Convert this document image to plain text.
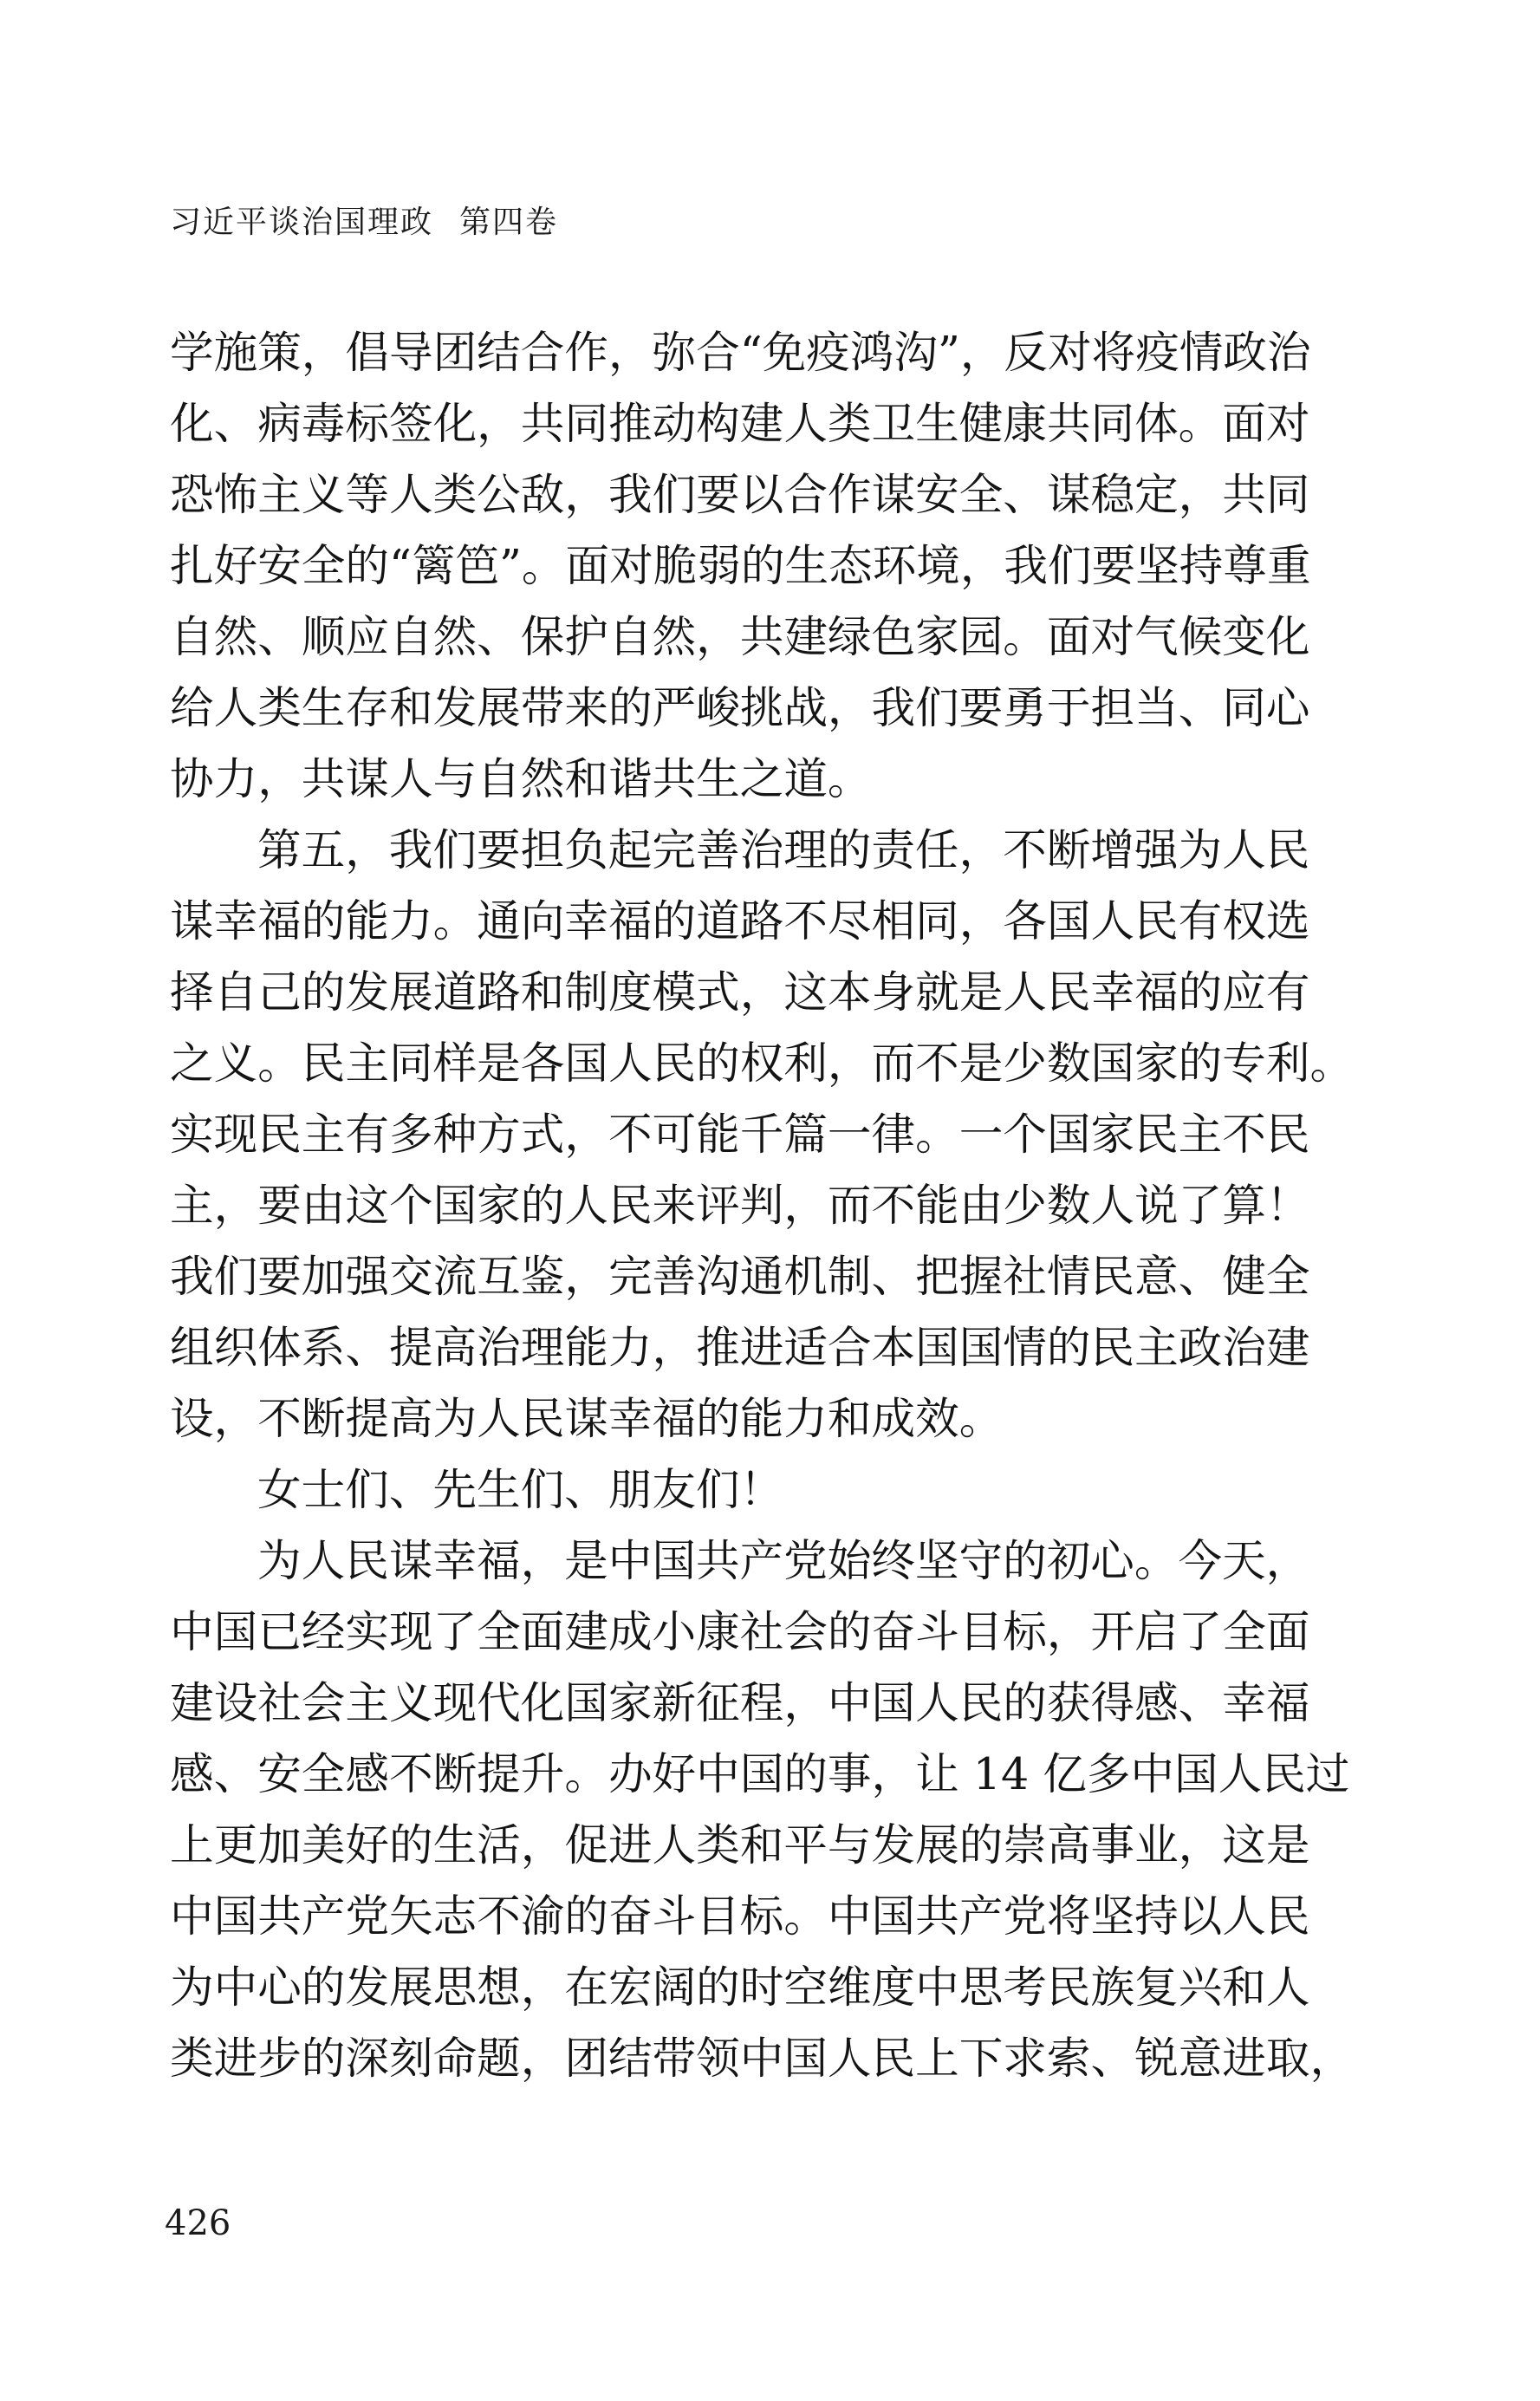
习近平谈治国理政 第四卷
学施策，倡导团结合作，弥合“免疫鸿沟”，反对将疫情政治
化、病毒标签化，共同推动构建人类卫生健康共同体。面对
恐怖主义等人类公敌，我们要以合作谋安全、谋稳定，共同
扎好安全的“篱笆”。面对脆弱的生态环境，我们要坚持尊重
自然、顺应自然、保护自然，共建绿色家园。面对气候变化
给人类生存和发展带来的严峻挑战，我们要勇于担当、同心
协力，共谋人与自然和谐共生之道。
第五，我们要担负起完善治理的责任，不断增强为人民
谋幸福的能力。通向幸福的道路不尽相同，各国人民有权选
择自己的发展道路和制度模式，这本身就是人民幸福的应有
之义。民主同样是各国人民的权利，而不是少数国家的专利。
实现民主有多种方式，不可能千篇一律。一个国家民主不民
主，要由这个国家的人民来评判，而不能由少数人说了算！
我们要加强交流互鉴，完善沟通机制、把握社情民意、健全
组织体系、提高治理能力，推进适合本国国情的民主政治建
设，不断提高为人民谋幸福的能力和成效。
女士们、先生们、朋友们！
为人民谋幸福，是中国共产党始终坚守的初心。今天，
中国已经实现了全面建成小康社会的奋斗目标，开启了全面
建设社会主义现代化国家新征程，中国人民的获得感、幸福
感、安全感不断提升。办好中国的事，让 14 亿多中国人民过
上更加美好的生活，促进人类和平与发展的崇高事业，这是
中国共产党矢志不渝的奋斗目标。中国共产党将坚持以人民
为中心的发展思想，在宏阔的时空维度中思考民族复兴和人
类进步的深刻命题，团结带领中国人民上下求索、锐意进取，
426
